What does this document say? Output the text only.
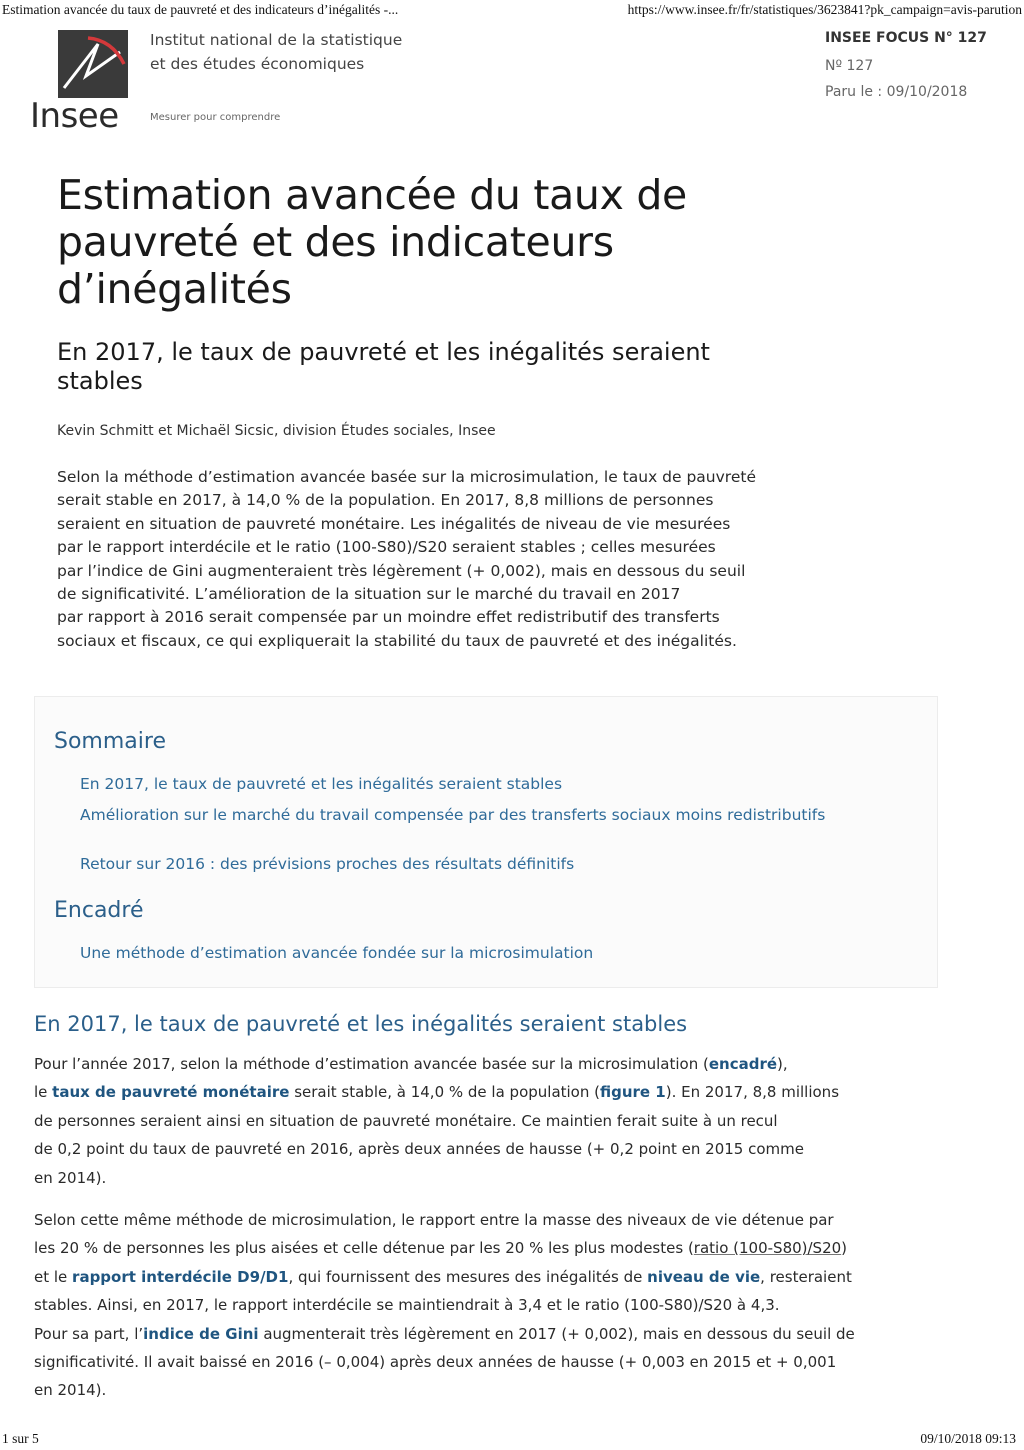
Estimation avancée du taux de pauvreté et des indicateurs d’inégalités -...	https://www.insee.fr/fr/statistiques/3623841?pk_campaign=avis-parution
Insee
Institut national de la statistique
et des études économiques
Mesurer pour comprendre
INSEE FOCUS N° 127
Nº 127
Paru le : 09/10/2018
Estimation avancée du taux de
pauvreté et des indicateurs
d’inégalités
En 2017, le taux de pauvreté et les inégalités seraient
stables
Kevin Schmitt et Michaël Sicsic, division Études sociales, Insee

Selon la méthode d’estimation avancée basée sur la microsimulation, le taux de pauvreté
serait stable en 2017, à 14,0 % de la population. En 2017, 8,8 millions de personnes
seraient en situation de pauvreté monétaire. Les inégalités de niveau de vie mesurées
par le rapport interdécile et le ratio (100-S80)/S20 seraient stables ; celles mesurées
par l’indice de Gini augmenteraient très légèrement (+ 0,002), mais en dessous du seuil
de significativité. L’amélioration de la situation sur le marché du travail en 2017
par rapport à 2016 serait compensée par un moindre effet redistributif des transferts
sociaux et fiscaux, ce qui expliquerait la stabilité du taux de pauvreté et des inégalités.

Sommaire
En 2017, le taux de pauvreté et les inégalités seraient stables
Amélioration sur le marché du travail compensée par des transferts sociaux moins redistributifs
Retour sur 2016 : des prévisions proches des résultats définitifs
Encadré
Une méthode d’estimation avancée fondée sur la microsimulation
En 2017, le taux de pauvreté et les inégalités seraient stables

Pour l’année 2017, selon la méthode d’estimation avancée basée sur la microsimulation (encadré),
le taux de pauvreté monétaire serait stable, à 14,0 % de la population (figure 1). En 2017, 8,8 millions
de personnes seraient ainsi en situation de pauvreté monétaire. Ce maintien ferait suite à un recul
de 0,2 point du taux de pauvreté en 2016, après deux années de hausse (+ 0,2 point en 2015 comme
en 2014).

Selon cette même méthode de microsimulation, le rapport entre la masse des niveaux de vie détenue par
les 20 % de personnes les plus aisées et celle détenue par les 20 % les plus modestes (ratio (100-S80)/S20)
et le rapport interdécile D9/D1, qui fournissent des mesures des inégalités de niveau de vie, resteraient
stables. Ainsi, en 2017, le rapport interdécile se maintiendrait à 3,4 et le ratio (100-S80)/S20 à 4,3.
Pour sa part, l’indice de Gini augmenterait très légèrement en 2017 (+ 0,002), mais en dessous du seuil de
significativité. Il avait baissé en 2016 (– 0,004) après deux années de hausse (+ 0,003 en 2015 et + 0,001
en 2014).

1 sur 5	09/10/2018 09:13
